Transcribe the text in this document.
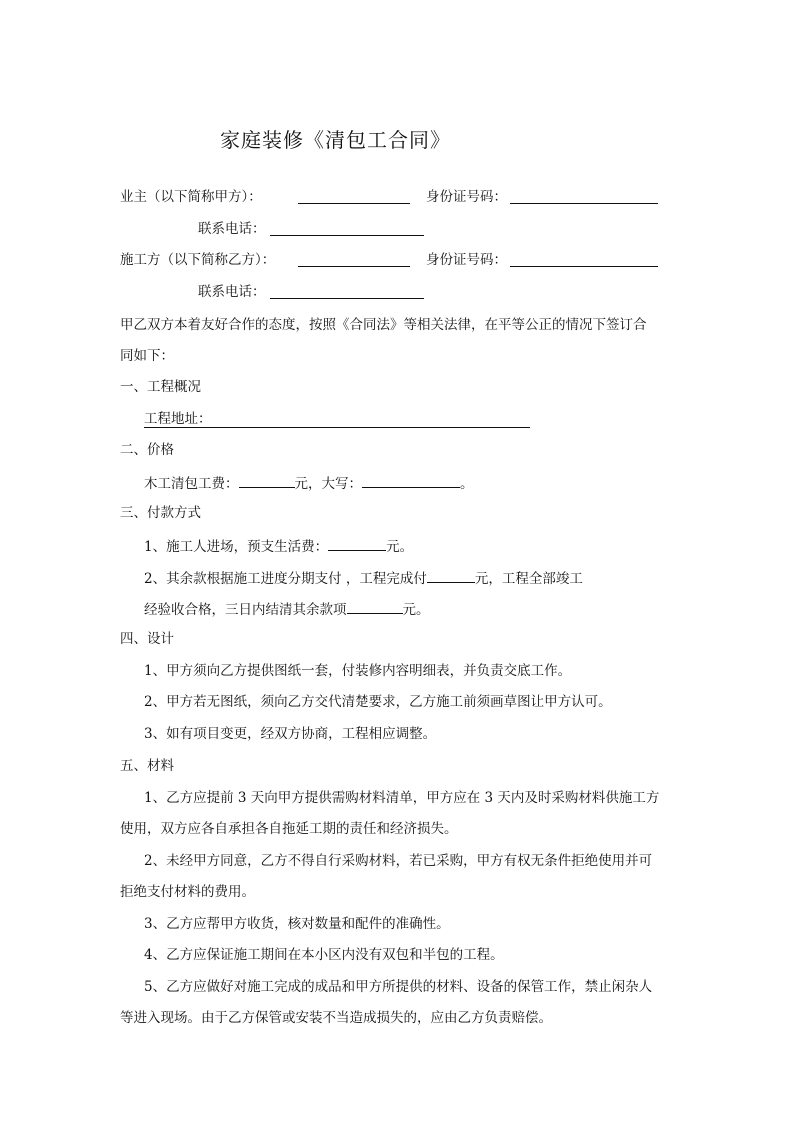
家庭装修《清包工合同》
业主（以下简称甲方）：	身份证号码：
联系电话：
施工方（以下简称乙方）：	身份证号码：
联系电话：
甲乙双方本着友好合作的态度，按照《合同法》等相关法律，在平等公正的情况下签订合
同如下：
一、工程概况
工程地址：
二、价格
木工清包工费：	元，大写：	。
三、付款方式
1、施工人进场，预支生活费：	元。
2、其余款根据施工进度分期支付 ，工程完成付	元，工程全部竣工
经验收合格，三日内结清其余款项	元。
四、设计
1、甲方须向乙方提供图纸一套，付装修内容明细表，并负责交底工作。
2、甲方若无图纸，须向乙方交代清楚要求，乙方施工前须画草图让甲方认可。
3、如有项目变更，经双方协商，工程相应调整。
五、材料
1、乙方应提前 3 天向甲方提供需购材料清单，甲方应在 3 天内及时采购材料供施工方
使用，双方应各自承担各自拖延工期的责任和经济损失。
2、未经甲方同意，乙方不得自行采购材料，若已采购，甲方有权无条件拒绝使用并可
拒绝支付材料的费用。
3、乙方应帮甲方收货，核对数量和配件的准确性。
4、乙方应保证施工期间在本小区内没有双包和半包的工程。
5、乙方应做好对施工完成的成品和甲方所提供的材料、设备的保管工作，禁止闲杂人
等进入现场。由于乙方保管或安装不当造成损失的，应由乙方负责赔偿。
